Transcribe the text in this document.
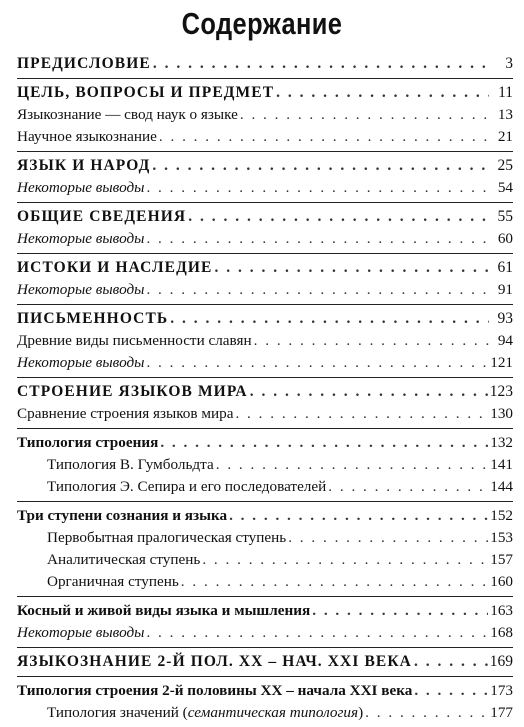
Содержание
ПРЕДИСЛОВИЕ . . .	3
ЦЕЛЬ, ВОПРОСЫ И ПРЕДМЕТ . . .	11
Языкознание — свод наук о языке . . .	13
Научное языкознание . . .	21
ЯЗЫК И НАРОД . . .	25
Некоторые выводы . . .	54
ОБЩИЕ СВЕДЕНИЯ . . .	55
Некоторые выводы . . .	60
ИСТОКИ И НАСЛЕДИЕ . . .	61
Некоторые выводы . . .	91
ПИСЬМЕННОСТЬ . . .	93
Древние виды письменности славян . . .	94
Некоторые выводы . . .	121
СТРОЕНИЕ ЯЗЫКОВ МИРА . . .	123
Сравнение строения языков мира . . .	130
Типология строения . . .	132
Типология В. Гумбольдта . . .	141
Типология Э. Сепира и его последователей . . .	144
Три ступени сознания и языка . . .	152
Первобытная пралогическая ступень . . .	153
Аналитическая ступень . . .	157
Органичная ступень . . .	160
Косный и живой виды языка и мышления . . .	163
Некоторые выводы . . .	168
ЯЗЫКОЗНАНИЕ 2-Й ПОЛ. ХХ – НАЧ. XXI ВЕКА . . .	169
Типология строения 2-й половины ХХ – начала XXI века . . .	173
Типология значений (семантическая типология) . . .	177
